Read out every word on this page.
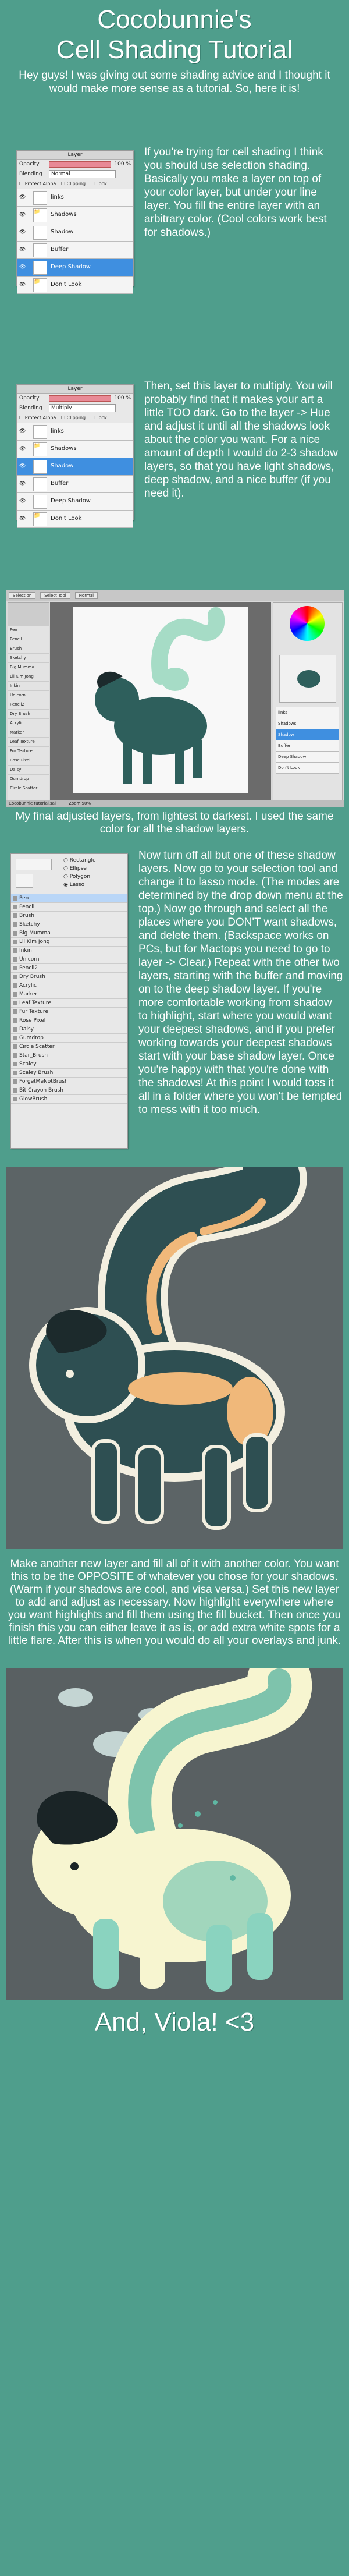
Cocobunnie's
Cell Shading Tutorial
Hey guys! I was giving out some shading advice and I thought it would make more sense as a tutorial. So, here it is!
Layer
Opacity	100 %
Blending	Normal
☐ Protect Alpha ☐ Clipping ☐ Lock
👁	links
👁 📁	Shadows
👁	Shadow
👁	Buffer
👁	Deep Shadow
👁 📁	Don't Look
If you're trying for cell shading I think you should use selection shading. Basically you make a layer on top of your color layer, but under your line layer. You fill the entire layer with an arbitrary color. (Cool colors work best for shadows.)
Layer
Opacity	100 %
Blending	Multiply
☐ Protect Alpha ☐ Clipping ☐ Lock
👁	links
👁 📁	Shadows
👁	Shadow
👁	Buffer
👁	Deep Shadow
👁 📁	Don't Look
Then, set this layer to multiply. You will probably find that it makes your art a little TOO dark. Go to the layer -> Hue and adjust it until all the shadows look about the color you want. For a nice amount of depth I would do 2-3 shadow layers, so that you have light shadows, deep shadow, and a nice buffer (if you need it).
Selection	Select Tool	Normal
Pen
Pencil
Brush
Sketchy
Big Mumma
Lil Kim Jong
Inkin
Unicorn
Pencil2
Dry Brush
Acrylic
Marker
Leaf Texture
Fur Texture
Rose Pixel
Daisy
Gumdrop
Circle Scatter
links
Shadows
Shadow
Buffer
Deep Shadow
Don't Look
Cocobunnie tutorial.sai	Zoom 50%
My final adjusted layers, from lightest to darkest. I used the same color for all the shadow layers.
○ Rectangle
○ Ellipse
○ Polygon
◉ Lasso
Pen
Pencil
Brush
Sketchy
Big Mumma
Lil Kim Jong
Inkin
Unicorn
Pencil2
Dry Brush
Acrylic
Marker
Leaf Texture
Fur Texture
Rose Pixel
Daisy
Gumdrop
Circle Scatter
Star_Brush
Scaley
Scaley Brush
ForgetMeNotBrush
Bit Crayon Brush
GlowBrush
Now turn off all but one of these shadow layers. Now go to your selection tool and change it to lasso mode. (The modes are determined by the drop down menu at the top.) Now go through and select all the places where you DON'T want shadows, and delete them. (Backspace works on PCs, but for Mactops you need to go to layer -> Clear.) Repeat with the other two layers, starting with the buffer and moving on to the deep shadow layer. If you're more comfortable working from shadow to highlight, start where you would want your deepest shadows, and if you prefer working towards your deepest shadows start with your base shadow layer. Once you're happy with that you're done with the shadows! At this point I would toss it all in a folder where you won't be tempted to mess with it too much.
Make another new layer and fill all of it with another color. You want this to be the OPPOSITE of whatever you chose for your shadows. (Warm if your shadows are cool, and visa versa.) Set this new layer to add and adjust as necessary. Now highlight everywhere where you want highlights and fill them using the fill bucket. Then once you finish this you can either leave it as is, or add extra white spots for a little flare. After this is when you would do all your overlays and junk.
And, Viola! <3
